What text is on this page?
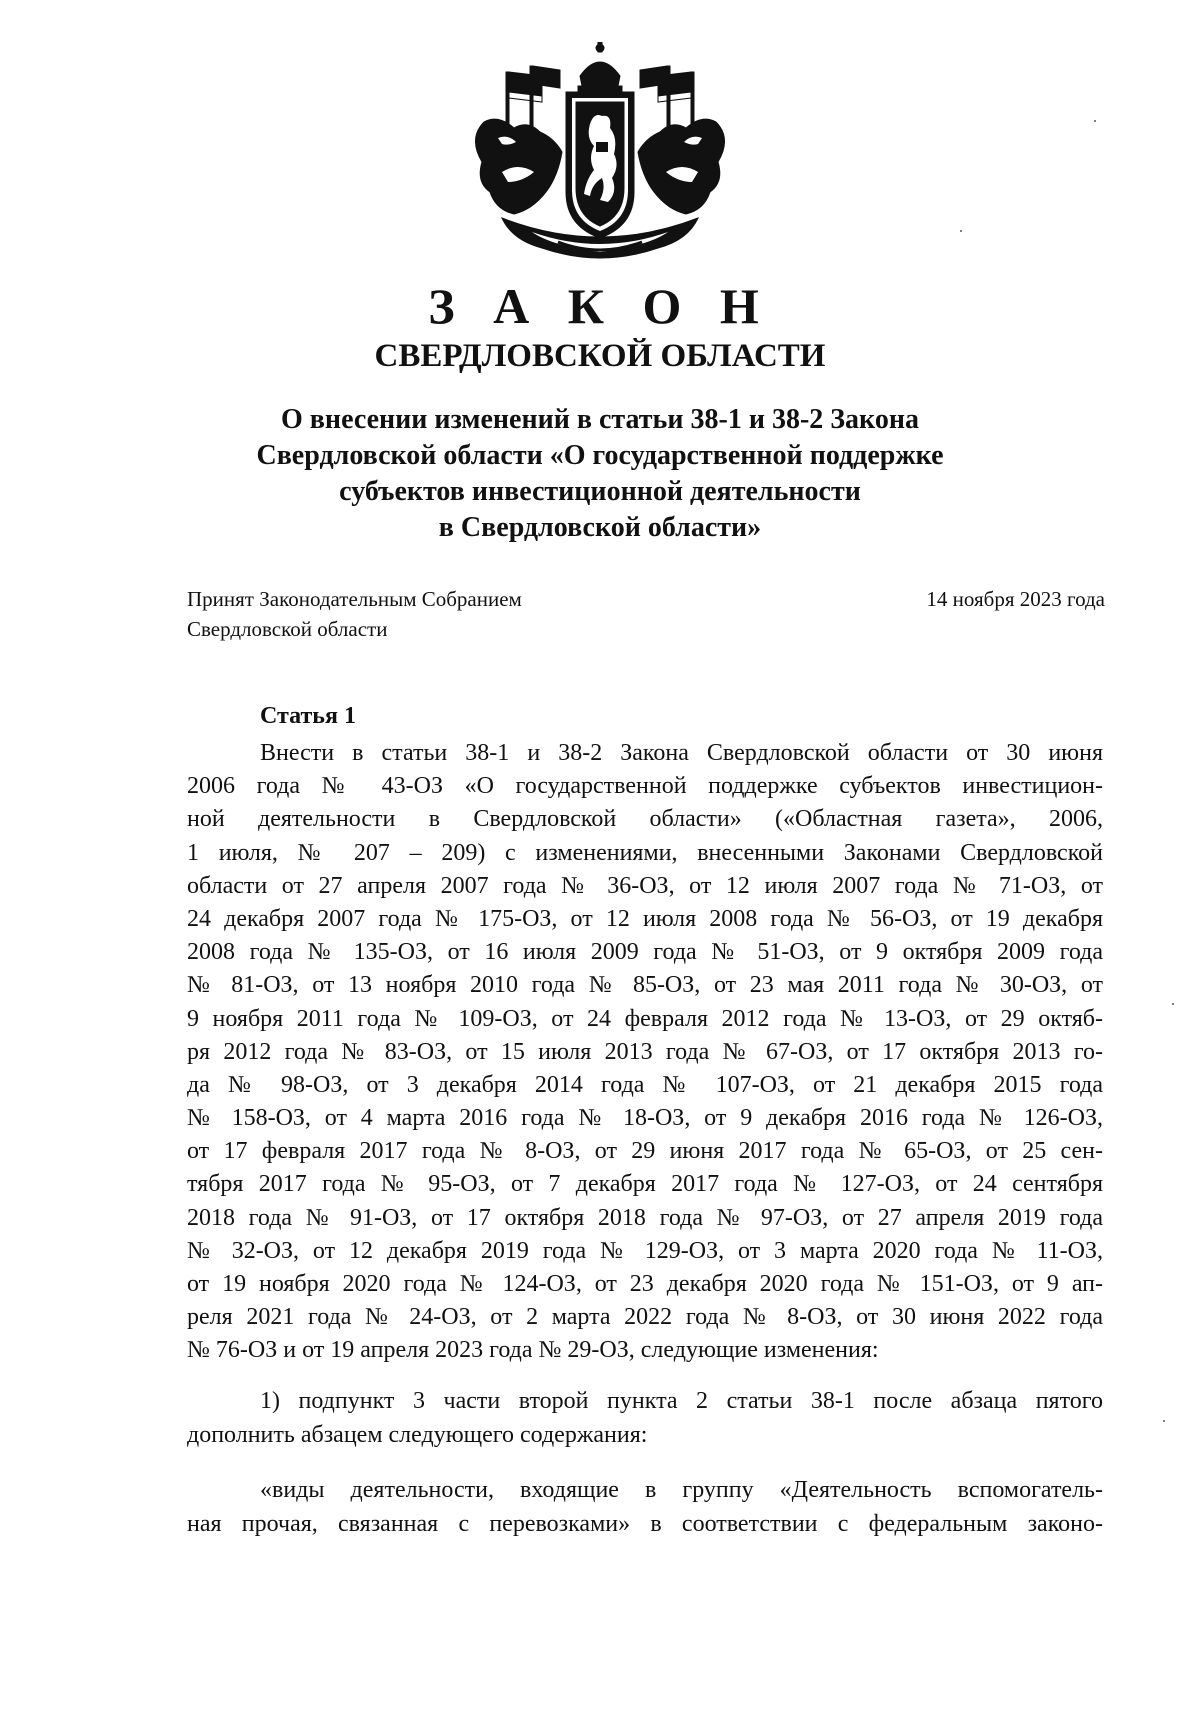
З А К О Н
СВЕРДЛОВСКОЙ ОБЛАСТИ
О внесении изменений в статьи 38-1 и 38-2 Закона
Свердловской области «О государственной поддержке
субъектов инвестиционной деятельности
в Свердловской области»
Принят Законодательным Собранием
Свердловской области
14 ноября 2023 года
Статья 1
Внести в статьи 38-1 и 38-2 Закона Свердловской области от 30 июня
2006 года № 43-ОЗ «О государственной поддержке субъектов инвестицион-
ной деятельности в Свердловской области» («Областная газета», 2006,
1 июля, № 207 – 209) с изменениями, внесенными Законами Свердловской
области от 27 апреля 2007 года № 36-ОЗ, от 12 июля 2007 года № 71-ОЗ, от
24 декабря 2007 года № 175-ОЗ, от 12 июля 2008 года № 56-ОЗ, от 19 декабря
2008 года № 135-ОЗ, от 16 июля 2009 года № 51-ОЗ, от 9 октября 2009 года
№ 81-ОЗ, от 13 ноября 2010 года № 85-ОЗ, от 23 мая 2011 года № 30-ОЗ, от
9 ноября 2011 года № 109-ОЗ, от 24 февраля 2012 года № 13-ОЗ, от 29 октяб-
ря 2012 года № 83-ОЗ, от 15 июля 2013 года № 67-ОЗ, от 17 октября 2013 го-
да № 98-ОЗ, от 3 декабря 2014 года № 107-ОЗ, от 21 декабря 2015 года
№ 158-ОЗ, от 4 марта 2016 года № 18-ОЗ, от 9 декабря 2016 года № 126-ОЗ,
от 17 февраля 2017 года № 8-ОЗ, от 29 июня 2017 года № 65-ОЗ, от 25 сен-
тября 2017 года № 95-ОЗ, от 7 декабря 2017 года № 127-ОЗ, от 24 сентября
2018 года № 91-ОЗ, от 17 октября 2018 года № 97-ОЗ, от 27 апреля 2019 года
№ 32-ОЗ, от 12 декабря 2019 года № 129-ОЗ, от 3 марта 2020 года № 11-ОЗ,
от 19 ноября 2020 года № 124-ОЗ, от 23 декабря 2020 года № 151-ОЗ, от 9 ап-
реля 2021 года № 24-ОЗ, от 2 марта 2022 года № 8-ОЗ, от 30 июня 2022 года
№ 76-ОЗ и от 19 апреля 2023 года № 29-ОЗ, следующие изменения:
1) подпункт 3 части второй пункта 2 статьи 38-1 после абзаца пятого
дополнить абзацем следующего содержания:
«виды деятельности, входящие в группу «Деятельность вспомогатель-
ная прочая, связанная с перевозками» в соответствии с федеральным законо-
